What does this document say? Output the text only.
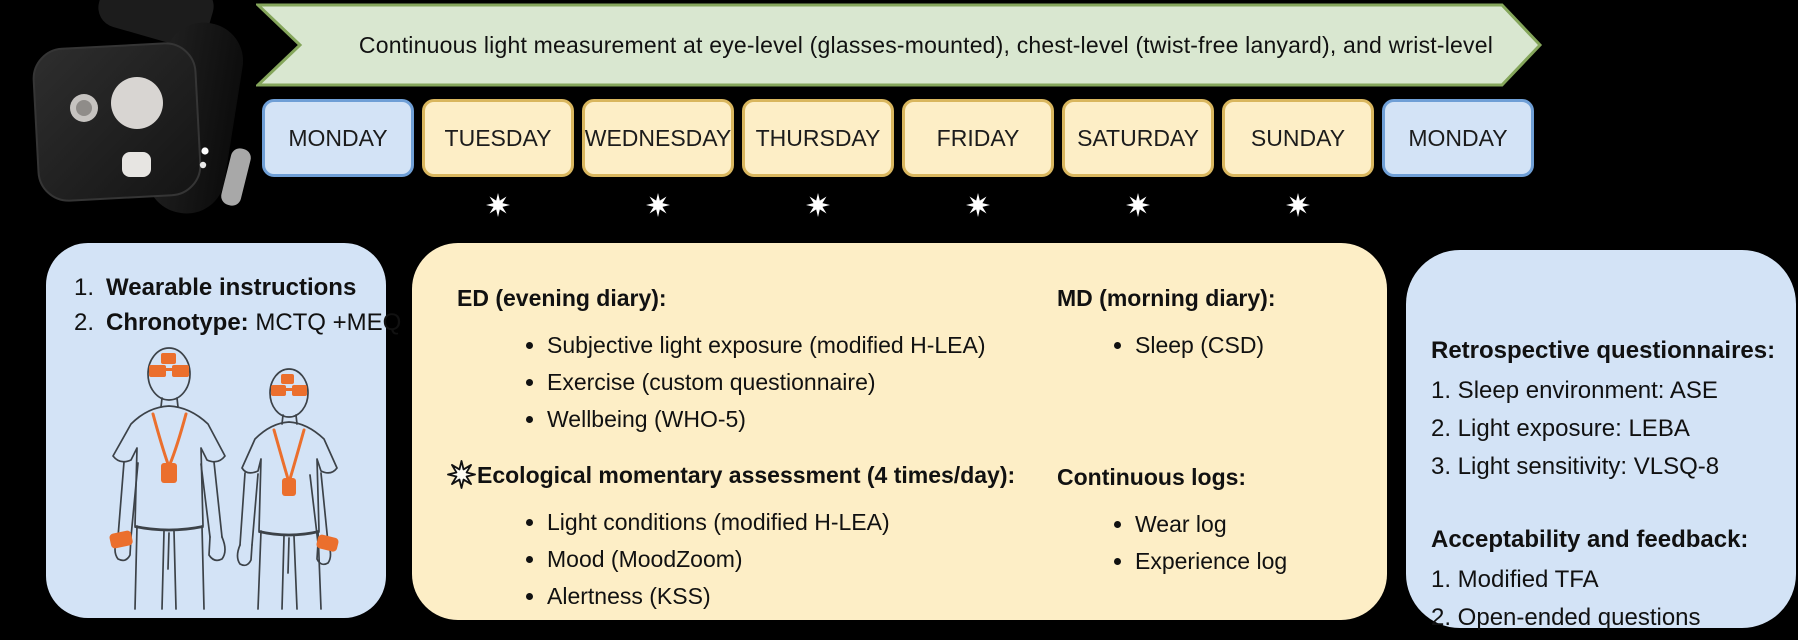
Continuous light measurement at eye-level (glasses-mounted), chest-level (twist-free lanyard), and wrist-level
MONDAY TUESDAY WEDNESDAY THURSDAY FRIDAY	SATURDAY SUNDAY	MONDAY
1. Wearable instructions
2. Chronotype: MCTQ +MEQ
ED (evening diary):
• Subjective light exposure (modified H-LEA)
• Exercise (custom questionnaire)
• Wellbeing (WHO-5)
Ecological momentary assessment (4 times/day):
• Light conditions (modified H-LEA)
• Mood (MoodZoom)
• Alertness (KSS)
MD (morning diary):
• Sleep (CSD)
Continuous logs:
• Wear log
• Experience log
Retrospective questionnaires:
1. Sleep environment: ASE
2. Light exposure: LEBA
3. Light sensitivity: VLSQ-8
Acceptability and feedback:
1. Modified TFA
2. Open-ended questions
